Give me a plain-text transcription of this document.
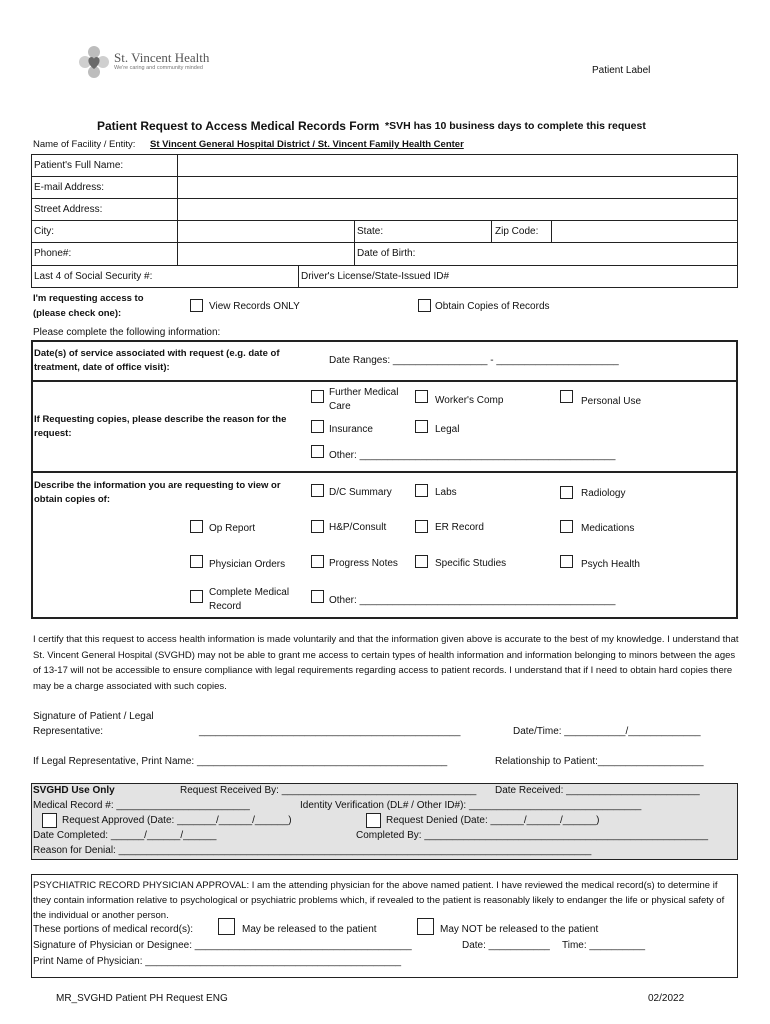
St. Vincent Health
We're caring and community minded	Patient Label
Patient Request to Access Medical Records Form *SVH has 10 business days to complete this request
Name of Facility / Entity: St Vincent General Hospital District / St. Vincent Family Health Center
Patient's Full Name:
E-mail Address:
Street Address:
City:	State:	Zip Code:
Phone#:	Date of Birth:
Last 4 of Social Security #:	Driver's License/State-Issued ID#
I'm requesting access to
(please check one):
View Records ONLY	Obtain Copies of Records
Please complete the following information:
Date(s) of service associated with request (e.g. date of treatment, date of office visit):
Date Ranges: _________________ - ______________________
If Requesting copies, please describe the reason for the request:
Further Medical Care
Worker's Comp	Personal Use
Insurance	Legal
Other: ______________________________________________
Describe the information you are requesting to view or obtain copies of:
D/C Summary	Labs	Radiology
Op Report	H&P/Consult	ER Record	Medications
Physician Orders	Progress Notes	Specific Studies	Psych Health
Complete Medical Record
Other: ______________________________________________
I certify that this request to access health information is made voluntarily and that the information given above is accurate to the best of my knowledge. I understand that St. Vincent General Hospital (SVGHD) may not be able to grant me access to certain types of health information and information belonging to minors between the ages of 13-17 will not be accessible to ensure compliance with legal requirements regarding access to patient records. I understand that if I need to obtain hard copies there may be a charge associated with such copies.
Signature of Patient / Legal
Representative:	_______________________________________________	Date/Time: ___________/_____________
If Legal Representative, Print Name: _____________________________________________	Relationship to Patient:___________________
SVGHD Use Only	Request Received By: ___________________________________ Date Received: ________________________
Medical Record #: ________________________	Identity Verification (DL# / Other ID#): _______________________________
Request Approved (Date: _______/______/______)	Request Denied (Date: ______/______/______)
Date Completed: ______/______/______	Completed By: ___________________________________________________
Reason for Denial: _____________________________________________________________________________________
PSYCHIATRIC RECORD PHYSICIAN APPROVAL: I am the attending physician for the above named patient. I have reviewed the medical record(s) to determine if they contain information relative to psychological or psychiatric problems which, if revealed to the patient is reasonably likely to endanger the life or physical safety of the individual or another person.
These portions of medical record(s):	May be released to the patient	May NOT be released to the patient
Signature of Physician or Designee: _______________________________________	Date: ___________ Time: __________
Print Name of Physician: ______________________________________________
MR_SVGHD Patient PH Request ENG	02/2022
